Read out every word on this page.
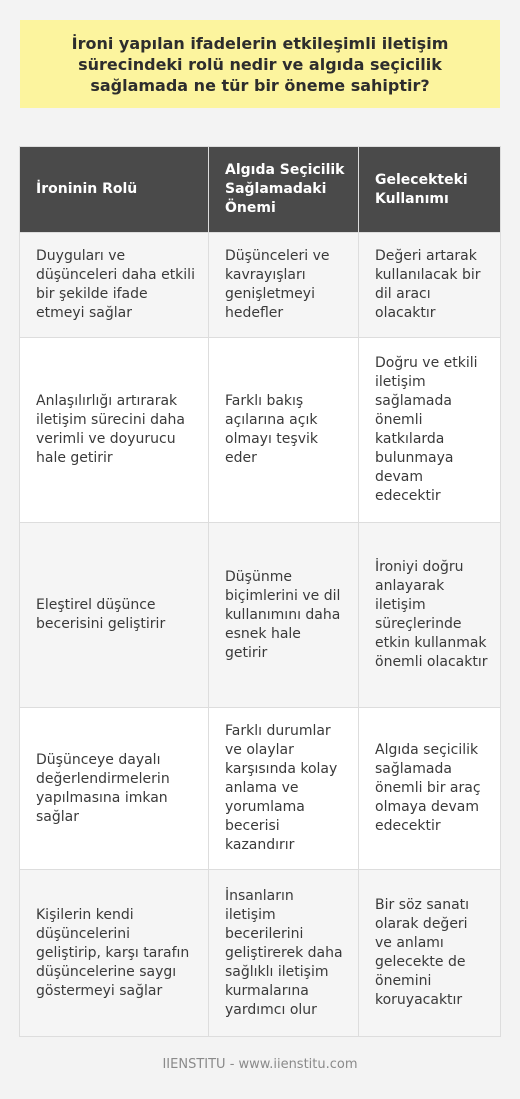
İroni yapılan ifadelerin etkileşimli iletişim sürecindeki rolü nedir ve algıda seçicilik sağlamada ne tür bir öneme sahiptir?
İroninin Rolü	Algıda Seçicilik Sağlamadaki Önemi	Gelecekteki Kullanımı
Duyguları ve düşünceleri daha etkili bir şekilde ifade etmeyi sağlar	Düşünceleri ve kavrayışları genişletmeyi hedefler	Değeri artarak kullanılacak bir dil aracı olacaktır
Anlaşılırlığı artırarak iletişim sürecini daha verimli ve doyurucu hale getirir	Farklı bakış açılarına açık olmayı teşvik eder	Doğru ve etkili iletişim sağlamada önemli katkılarda bulunmaya devam edecektir
Eleştirel düşünce becerisini geliştirir	Düşünme biçimlerini ve dil kullanımını daha esnek hale getirir	İroniyi doğru anlayarak iletişim süreçlerinde etkin kullanmak önemli olacaktır
Düşünceye dayalı değerlendirmelerin yapılmasına imkan sağlar	Farklı durumlar ve olaylar karşısında kolay anlama ve yorumlama becerisi kazandırır	Algıda seçicilik sağlamada önemli bir araç olmaya devam edecektir
Kişilerin kendi düşüncelerini geliştirip, karşı tarafın düşüncelerine saygı göstermeyi sağlar	İnsanların iletişim becerilerini geliştirerek daha sağlıklı iletişim kurmalarına yardımcı olur	Bir söz sanatı olarak değeri ve anlamı gelecekte de önemini koruyacaktır
IIENSTITU - www.iienstitu.com
